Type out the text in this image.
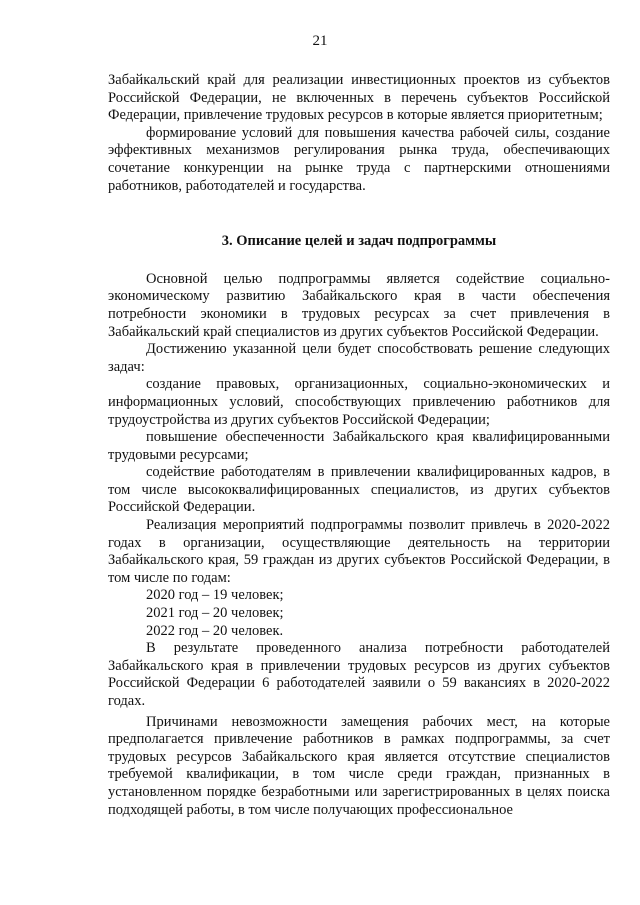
21

Забайкальский край для реализации инвестиционных проектов из субъектов Российской Федерации, не включенных в перечень субъектов Российской Федерации, привлечение трудовых ресурсов в которые является приоритетным;

формирование условий для повышения качества рабочей силы, создание эффективных механизмов регулирования рынка труда, обеспечивающих сочетание конкуренции на рынке труда с партнерскими отношениями работников, работодателей и государства.

3. Описание целей и задач подпрограммы

Основной целью подпрограммы является содействие социально-экономическому развитию Забайкальского края в части обеспечения потребности экономики в трудовых ресурсах за счет привлечения в Забайкальский край специалистов из других субъектов Российской Федерации.

Достижению указанной цели будет способствовать решение следующих задач:

создание правовых, организационных, социально-экономических и информационных условий, способствующих привлечению работников для трудоустройства из других субъектов Российской Федерации;

повышение обеспеченности Забайкальского края квалифицированными трудовыми ресурсами;

содействие работодателям в привлечении квалифицированных кадров, в том числе высококвалифицированных специалистов, из других субъектов Российской Федерации.

Реализация мероприятий подпрограммы позволит привлечь в 2020-2022 годах в организации, осуществляющие деятельность на территории Забайкальского края, 59 граждан из других субъектов Российской Федерации, в том числе по годам:

2020 год – 19 человек;

2021 год – 20 человек;

2022 год – 20 человек.

В результате проведенного анализа потребности работодателей Забайкальского края в привлечении трудовых ресурсов из других субъектов Российской Федерации 6 работодателей заявили о 59 вакансиях в 2020-2022 годах.

Причинами невозможности замещения рабочих мест, на которые предполагается привлечение работников в рамках подпрограммы, за счет трудовых ресурсов Забайкальского края является отсутствие специалистов требуемой квалификации, в том числе среди граждан, признанных в установленном порядке безработными или зарегистрированных в целях поиска подходящей работы, в том числе получающих профессиональное
